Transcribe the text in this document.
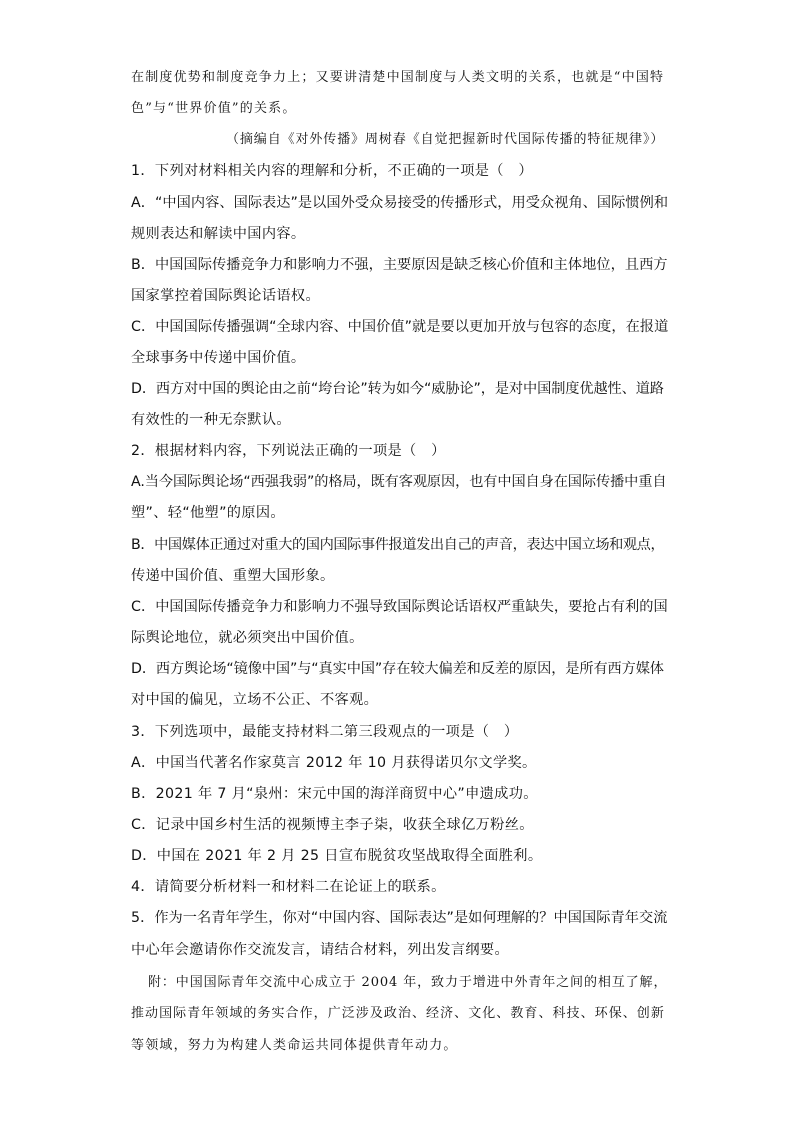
在制度优势和制度竞争力上；又要讲清楚中国制度与人类文明的关系，也就是“中国特
色”与“世界价值”的关系。
（摘编自《对外传播》周树春《自觉把握新时代国际传播的特征规律》）
1．下列对材料相关内容的理解和分析，不正确的一项是（　）
A．“中国内容、国际表达”是以国外受众易接受的传播形式，用受众视角、国际惯例和
规则表达和解读中国内容。
B．中国国际传播竞争力和影响力不强，主要原因是缺乏核心价值和主体地位，且西方
国家掌控着国际舆论话语权。
C．中国国际传播强调“全球内容、中国价值”就是要以更加开放与包容的态度，在报道
全球事务中传递中国价值。
D．西方对中国的舆论由之前“垮台论”转为如今“威胁论”，是对中国制度优越性、道路
有效性的一种无奈默认。
2．根据材料内容，下列说法正确的一项是（　）
A.当今国际舆论场“西强我弱”的格局，既有客观原因，也有中国自身在国际传播中重自
塑”、轻“他塑”的原因。
B．中国媒体正通过对重大的国内国际事件报道发出自己的声音，表达中国立场和观点，
传递中国价值、重塑大国形象。
C．中国国际传播竞争力和影响力不强导致国际舆论话语权严重缺失，要抢占有利的国
际舆论地位，就必须突出中国价值。
D．西方舆论场“镜像中国”与“真实中国”存在较大偏差和反差的原因，是所有西方媒体
对中国的偏见，立场不公正、不客观。
3．下列选项中，最能支持材料二第三段观点的一项是（　）
A．中国当代著名作家莫言 2012 年 10 月获得诺贝尔文学奖。
B．2021 年 7 月“泉州：宋元中国的海洋商贸中心”申遗成功。
C．记录中国乡村生活的视频博主李子柒，收获全球亿万粉丝。
D．中国在 2021 年 2 月 25 日宣布脱贫攻坚战取得全面胜利。
4．请简要分析材料一和材料二在论证上的联系。
5．作为一名青年学生，你对“中国内容、国际表达”是如何理解的？中国国际青年交流
中心年会邀请你作交流发言，请结合材料，列出发言纲要。
附：中国国际青年交流中心成立于 2004 年，致力于增进中外青年之间的相互了解，
推动国际青年领域的务实合作，广泛涉及政治、经济、文化、教育、科技、环保、创新
等领域，努力为构建人类命运共同体提供青年动力。
